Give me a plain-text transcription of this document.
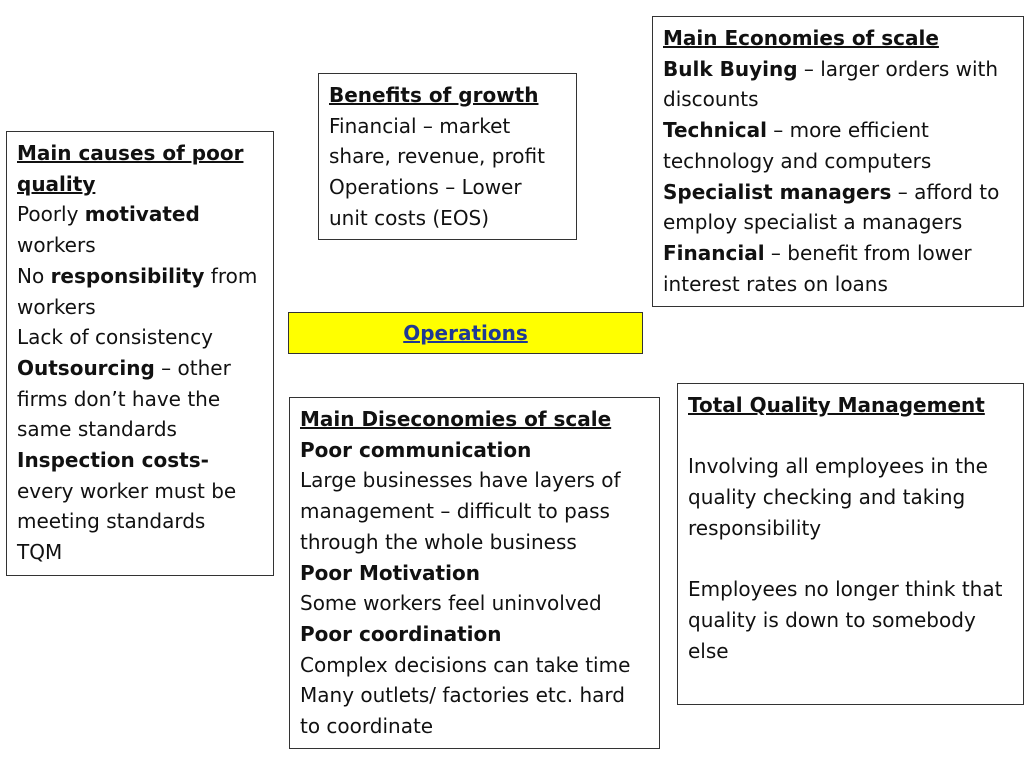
Main causes of poor quality

Poorly motivated workers

No responsibility from workers

Lack of consistency

Outsourcing – other firms don’t have the same standards

Inspection costs- every worker must be meeting standards

TQM

Benefits of growth

Financial – market share, revenue, profit

Operations – Lower unit costs (EOS)

Main Economies of scale

Bulk Buying – larger orders with discounts

Technical – more efficient technology and computers

Specialist managers – afford to employ specialist a managers

Financial – benefit from lower interest rates on loans

Operations

Main Diseconomies of scale

Poor communication

Large businesses have layers of management – difficult to pass through the whole business

Poor Motivation

Some workers feel uninvolved

Poor coordination

Complex decisions can take time

Many outlets/ factories etc. hard to coordinate

Total Quality Management

Involving all employees in the quality checking and taking responsibility

Employees no longer think that quality is down to somebody else
